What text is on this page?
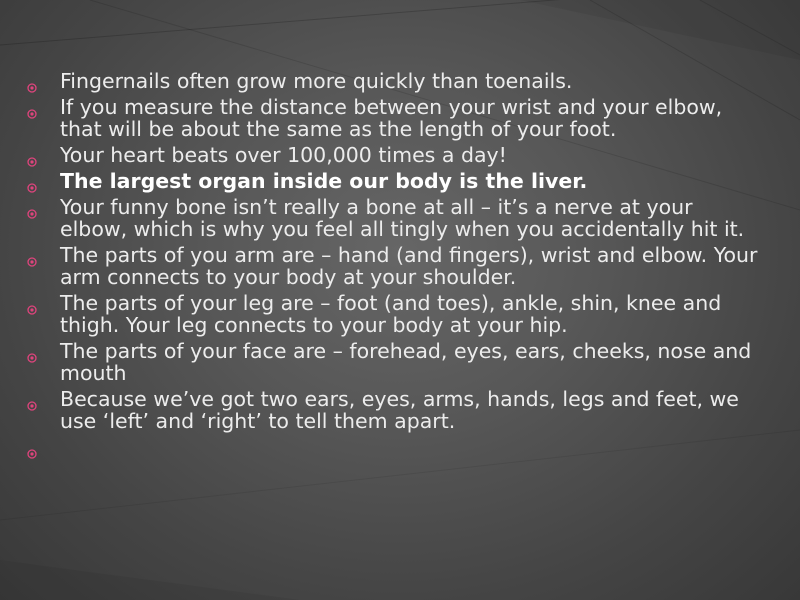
Fingernails often grow more quickly than toenails.
If you measure the distance between your wrist and your elbow, that will be about the same as the length of your foot.
Your heart beats over 100,000 times a day!
The largest organ inside our body is the liver.
Your funny bone isn’t really a bone at all – it’s a nerve at your elbow, which is why you feel all tingly when you accidentally hit it.
The parts of you arm are – hand (and fingers), wrist and elbow. Your arm connects to your body at your shoulder.
The parts of your leg are – foot (and toes), ankle, shin, knee and thigh. Your leg connects to your body at your hip.
The parts of your face are – forehead, eyes, ears, cheeks, nose and mouth
Because we’ve got two ears, eyes, arms, hands, legs and feet, we use ‘left’ and ‘right’ to tell them apart.
